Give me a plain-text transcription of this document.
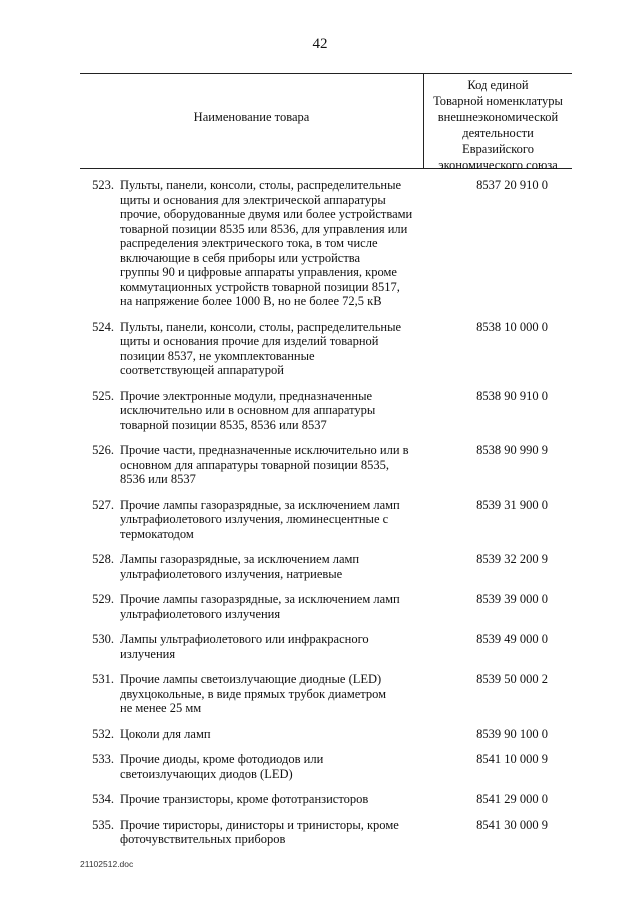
42
Наименование товара
Код единой
Товарной номенклатуры
внешнеэкономической
деятельности
Евразийского
экономического союза
523. Пульты, панели, консоли, столы, распределительные
щиты и основания для электрической аппаратуры
прочие, оборудованные двумя или более устройствами
товарной позиции 8535 или 8536, для управления или
распределения электрического тока, в том числе
включающие в себя приборы или устройства
группы 90 и цифровые аппараты управления, кроме
коммутационных устройств товарной позиции 8517,
на напряжение более 1000 В, но не более 72,5 кВ
8537 20 910 0
524. Пульты, панели, консоли, столы, распределительные
щиты и основания прочие для изделий товарной
позиции 8537, не укомплектованные
соответствующей аппаратурой
8538 10 000 0
525. Прочие электронные модули, предназначенные
исключительно или в основном для аппаратуры
товарной позиции 8535, 8536 или 8537
8538 90 910 0
526. Прочие части, предназначенные исключительно или в
основном для аппаратуры товарной позиции 8535,
8536 или 8537
8538 90 990 9
527. Прочие лампы газоразрядные, за исключением ламп
ультрафиолетового излучения, люминесцентные с
термокатодом
8539 31 900 0
528. Лампы газоразрядные, за исключением ламп
ультрафиолетового излучения, натриевые
8539 32 200 9
529. Прочие лампы газоразрядные, за исключением ламп
ультрафиолетового излучения
8539 39 000 0
530. Лампы ультрафиолетового или инфракрасного
излучения
8539 49 000 0
531. Прочие лампы светоизлучающие диодные (LED)
двухцокольные, в виде прямых трубок диаметром
не менее 25 мм
8539 50 000 2
532. Цоколи для ламп	8539 90 100 0
533. Прочие диоды, кроме фотодиодов или
светоизлучающих диодов (LED)
8541 10 000 9
534. Прочие транзисторы, кроме фототранзисторов	8541 29 000 0
535. Прочие тиристоры, динисторы и тринисторы, кроме
фоточувствительных приборов
8541 30 000 9
21102512.doc
